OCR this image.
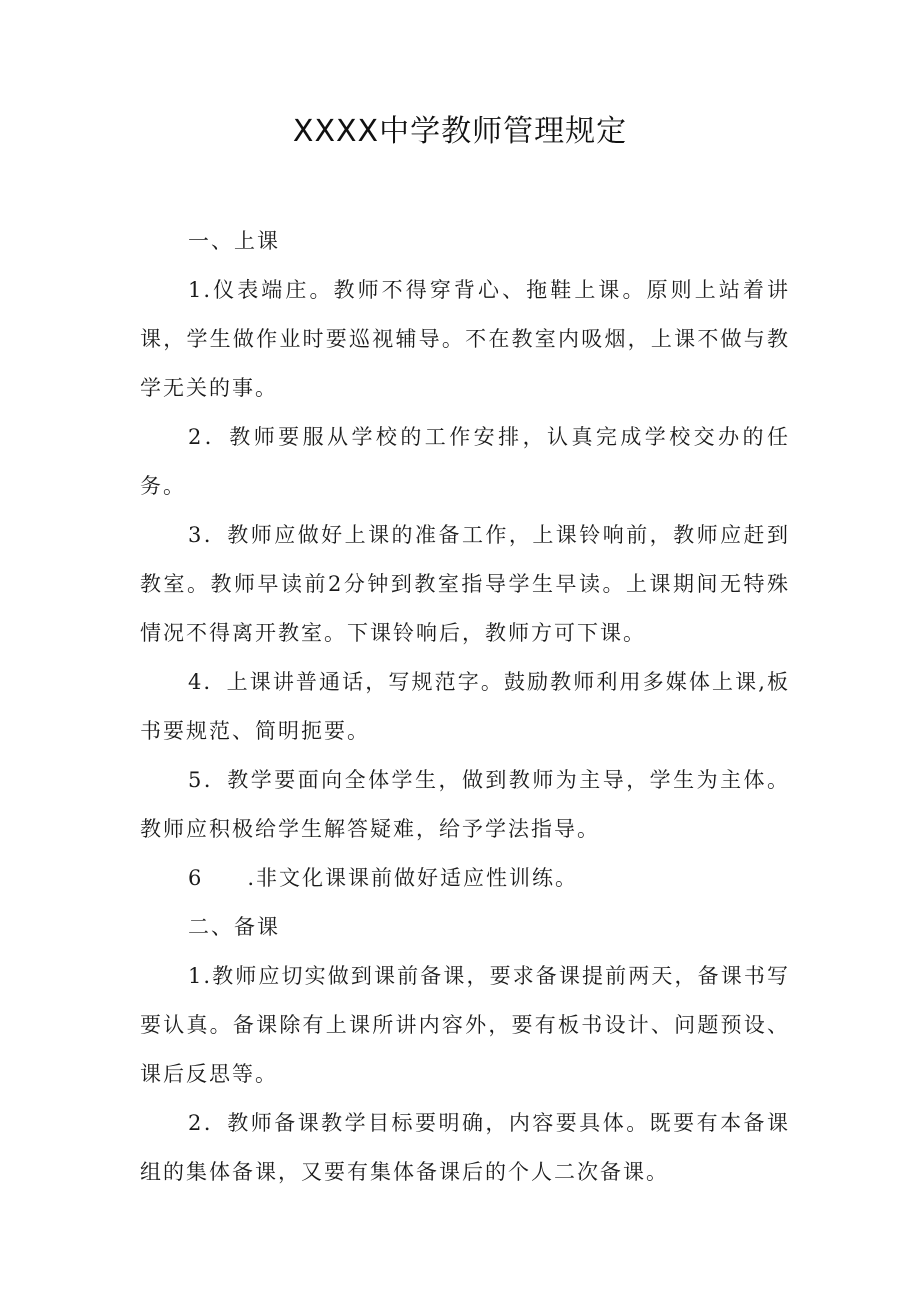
XXXX中学教师管理规定

一、上课

1.仪表端庄。教师不得穿背心、拖鞋上课。原则上站着讲课，学生做作业时要巡视辅导。不在教室内吸烟，上课不做与教学无关的事。

2．教师要服从学校的工作安排，认真完成学校交办的任务。

3．教师应做好上课的准备工作，上课铃响前，教师应赶到教室。教师早读前2分钟到教室指导学生早读。上课期间无特殊情况不得离开教室。下课铃响后，教师方可下课。

4．上课讲普通话，写规范字。鼓励教师利用多媒体上课,板书要规范、简明扼要。

5．教学要面向全体学生，做到教师为主导，学生为主体。教师应积极给学生解答疑难，给予学法指导。

6 .非文化课课前做好适应性训练。

二、备课

1.教师应切实做到课前备课，要求备课提前两天，备课书写要认真。备课除有上课所讲内容外，要有板书设计、问题预设、课后反思等。

2．教师备课教学目标要明确，内容要具体。既要有本备课组的集体备课，又要有集体备课后的个人二次备课。
